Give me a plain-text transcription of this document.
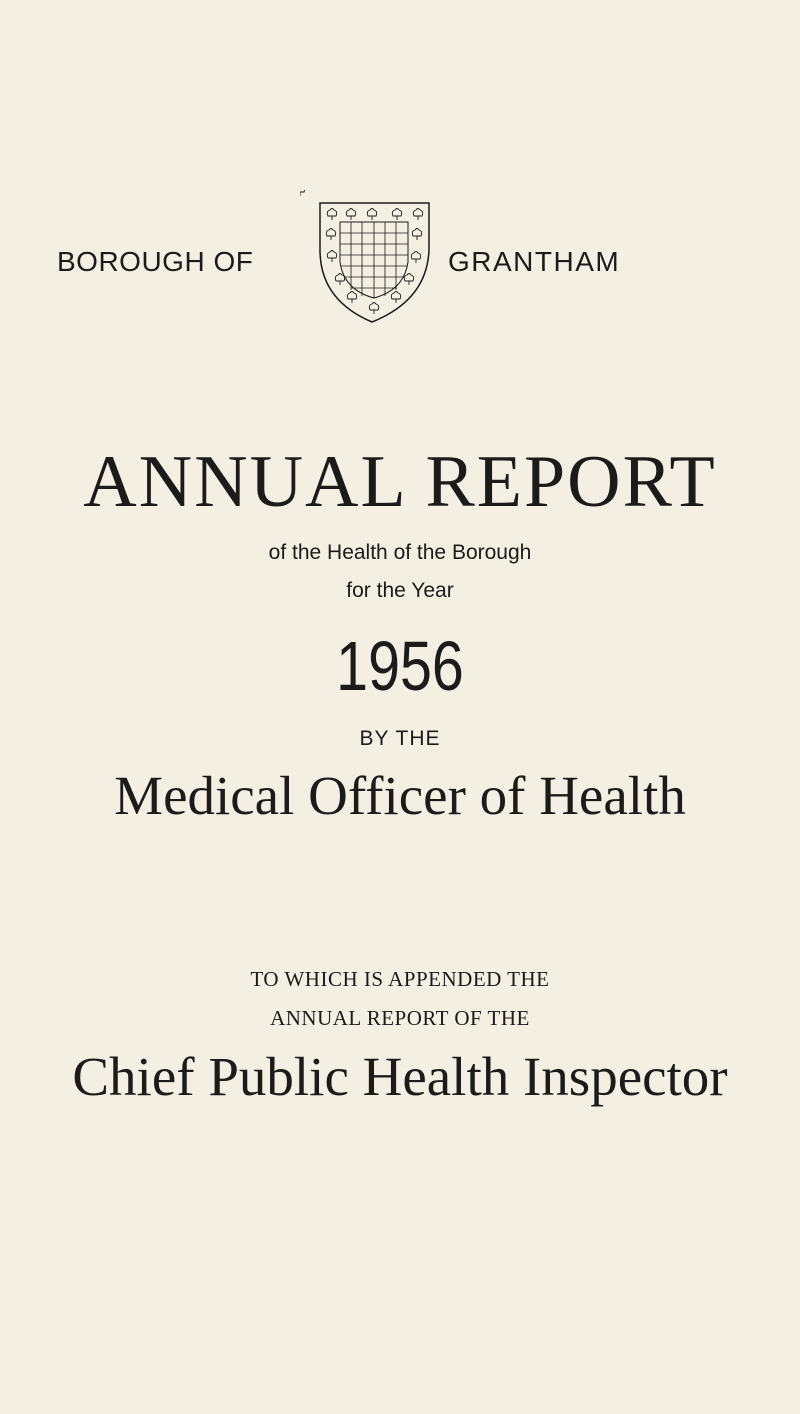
BOROUGH OF	GRANTHAM
ANNUAL REPORT
of the Health of the Borough
for the Year
1956
BY THE
Medical Officer of Health
TO WHICH IS APPENDED THE
ANNUAL REPORT OF THE
Chief Public Health Inspector
